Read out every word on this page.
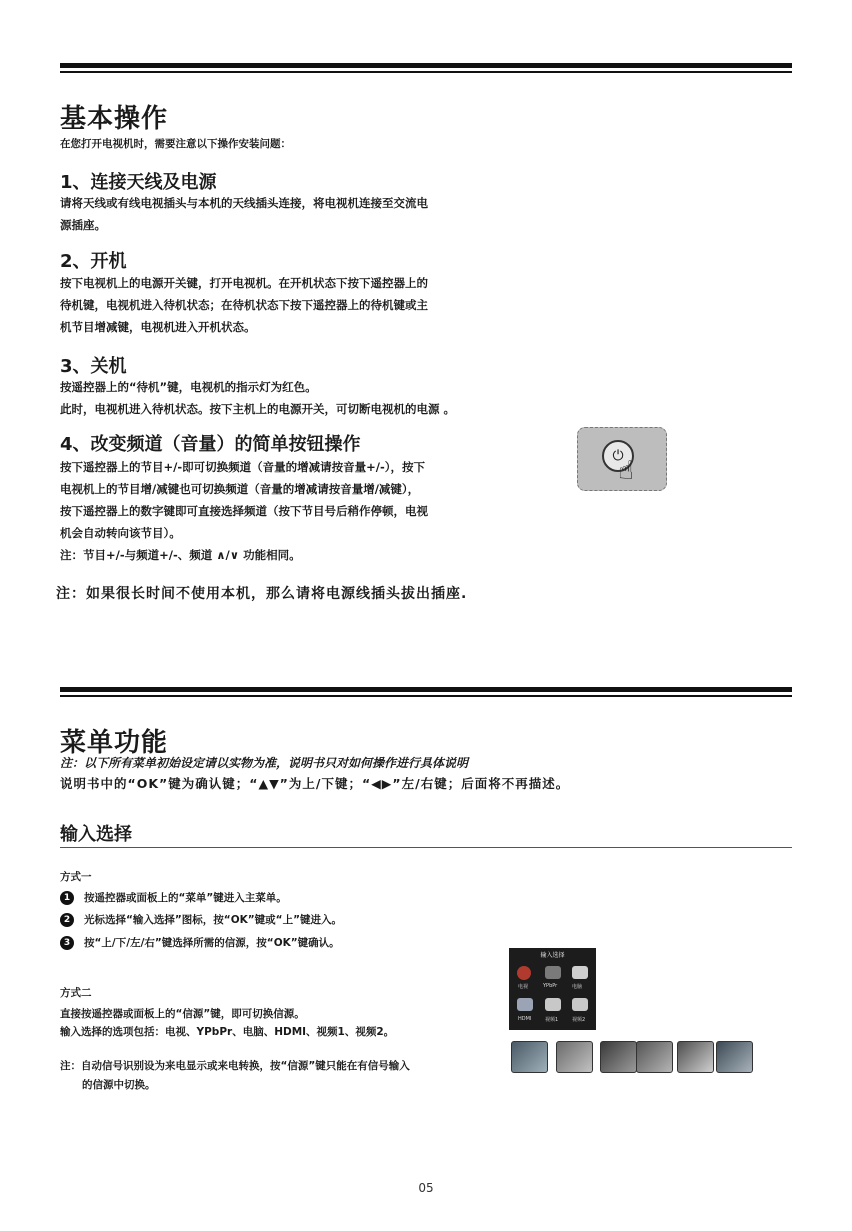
基本操作
在您打开电视机时，需要注意以下操作安装问题：
1、连接天线及电源
请将天线或有线电视插头与本机的天线插头连接，将电视机连接至交流电
源插座。
2、开机
按下电视机上的电源开关键，打开电视机。在开机状态下按下遥控器上的
待机键，电视机进入待机状态；在待机状态下按下遥控器上的待机键或主
机节目增减键，电视机进入开机状态。
3、关机
按遥控器上的“待机”键，电视机的指示灯为红色。
此时，电视机进入待机状态。按下主机上的电源开关，可切断电视机的电源 。
4、改变频道（音量）的简单按钮操作
按下遥控器上的节目+/-即可切换频道（音量的增减请按音量+/-），按下
电视机上的节目增/减键也可切换频道（音量的增减请按音量增/减键），
按下遥控器上的数字键即可直接选择频道（按下节目号后稍作停顿，电视
机会自动转向该节目）。
注：节目+/-与频道+/-、频道 ∧/∨ 功能相同。
注：如果很长时间不使用本机，那么请将电源线插头拔出插座.
⏻
☝
菜单功能
注：以下所有菜单初始设定请以实物为准，说明书只对如何操作进行具体说明
说明书中的“OK”键为确认键；“▲▼”为上/下键；“◀▶”左/右键；后面将不再描述。
输入选择
方式一
1 按遥控器或面板上的“菜单”键进入主菜单。
2 光标选择“输入选择”图标，按“OK”键或“上”键进入。
3 按“上/下/左/右”键选择所需的信源，按“OK”键确认。
方式二
直接按遥控器或面板上的“信源”键，即可切换信源。
输入选择的选项包括：电视、YPbPr、电脑、HDMI、视频1、视频2。
注：自动信号识别设为来电显示或来电转换，按“信源”键只能在有信号输入
的信源中切换。
输入选择
电视	YPbPr	电脑
HDMI	视频1	视频2
05
